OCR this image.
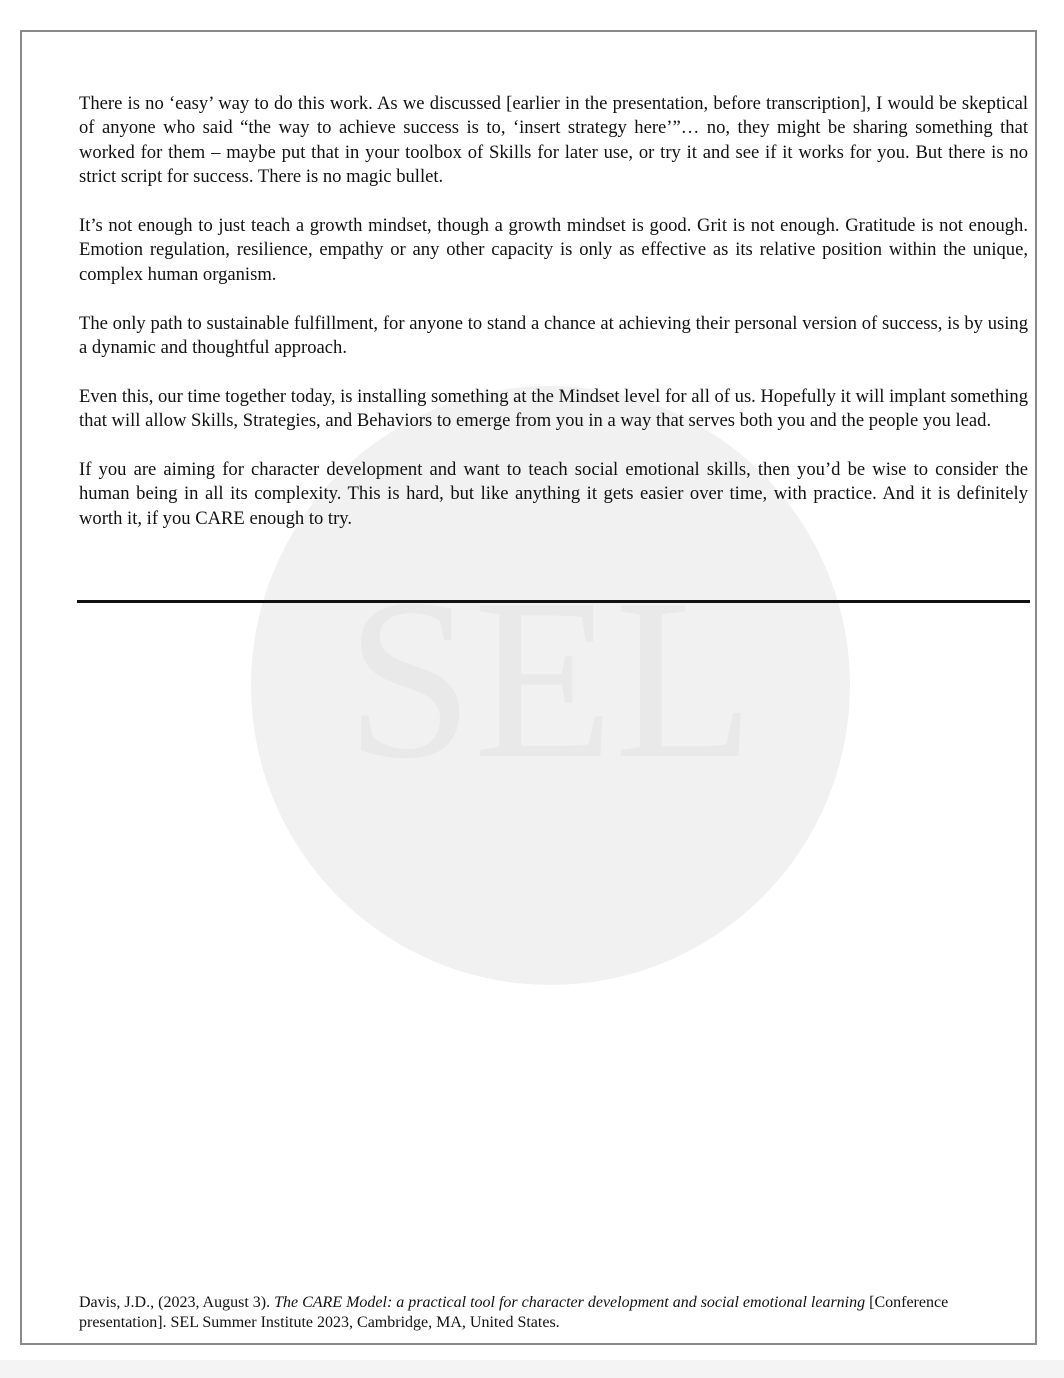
SEL

There is no ‘easy’ way to do this work. As we discussed [earlier in the presentation, before transcription], I would be skeptical of anyone who said “the way to achieve success is to, ‘insert strategy here’”… no, they might be sharing something that worked for them – maybe put that in your toolbox of Skills for later use, or try it and see if it works for you. But there is no strict script for success. There is no magic bullet.

It’s not enough to just teach a growth mindset, though a growth mindset is good. Grit is not enough. Gratitude is not enough. Emotion regulation, resilience, empathy or any other capacity is only as effective as its relative position within the unique, complex human organism.

The only path to sustainable fulfillment, for anyone to stand a chance at achieving their personal version of success, is by using a dynamic and thoughtful approach.

Even this, our time together today, is installing something at the Mindset level for all of us. Hopefully it will implant something that will allow Skills, Strategies, and Behaviors to emerge from you in a way that serves both you and the people you lead.

If you are aiming for character development and want to teach social emotional skills, then you’d be wise to consider the human being in all its complexity. This is hard, but like anything it gets easier over time, with practice. And it is definitely worth it, if you CARE enough to try.

Davis, J.D., (2023, August 3). The CARE Model: a practical tool for character development and social emotional learning [Conference presentation]. SEL Summer Institute 2023, Cambridge, MA, United States.
